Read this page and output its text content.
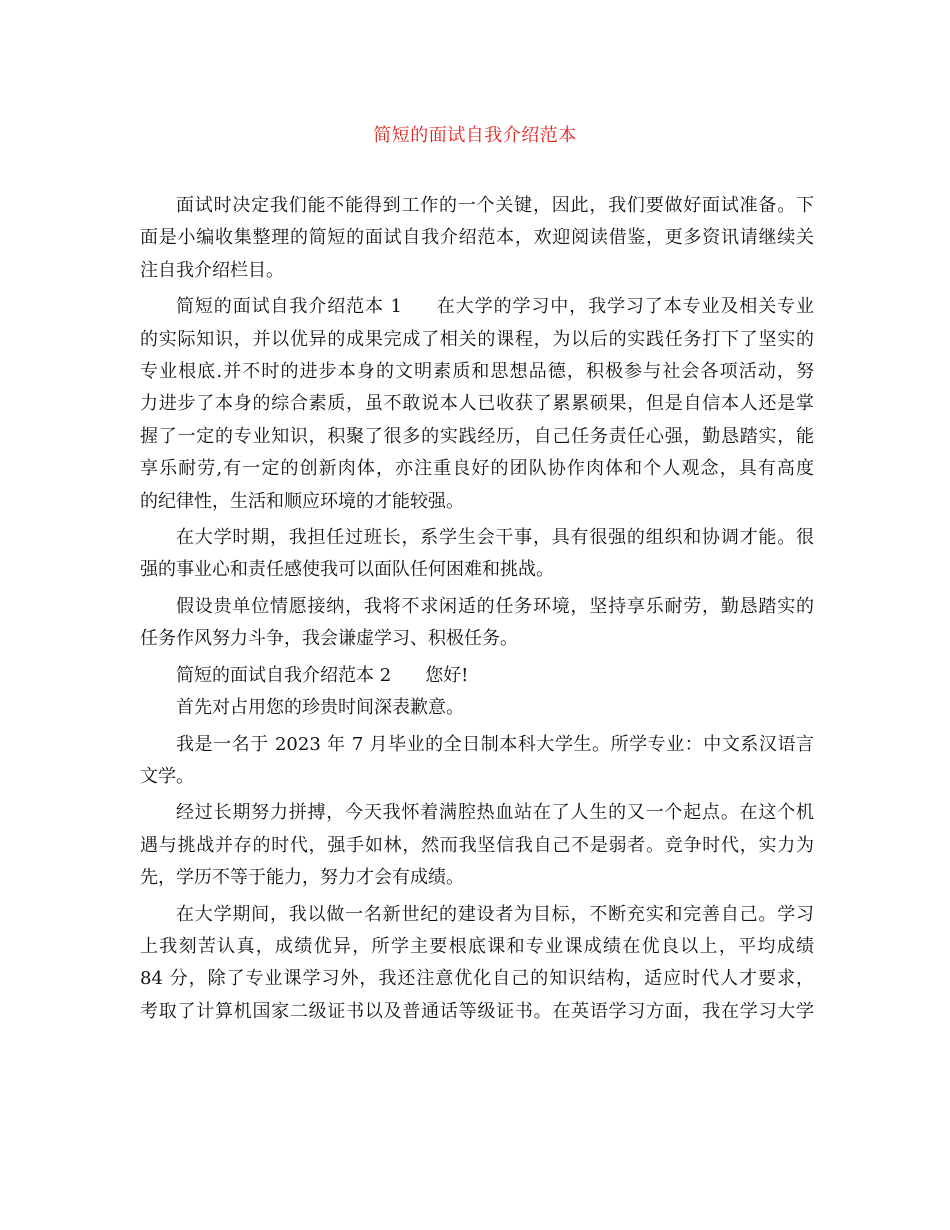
简短的面试自我介绍范本
面试时决定我们能不能得到工作的一个关键，因此，我们要做好面试准备。下
面是小编收集整理的简短的面试自我介绍范本，欢迎阅读借鉴，更多资讯请继续关
注自我介绍栏目。
简短的面试自我介绍范本 1 在大学的学习中，我学习了本专业及相关专业
的实际知识，并以优异的成果完成了相关的课程，为以后的实践任务打下了坚实的
专业根底.并不时的进步本身的文明素质和思想品德，积极参与社会各项活动，努
力进步了本身的综合素质，虽不敢说本人已收获了累累硕果，但是自信本人还是掌
握了一定的专业知识，积聚了很多的实践经历，自己任务责任心强，勤恳踏实，能
享乐耐劳,有一定的创新肉体，亦注重良好的团队协作肉体和个人观念，具有高度
的纪律性，生活和顺应环境的才能较强。
在大学时期，我担任过班长，系学生会干事，具有很强的组织和协调才能。很
强的事业心和责任感使我可以面队任何困难和挑战。
假设贵单位情愿接纳，我将不求闲适的任务环境，坚持享乐耐劳，勤恳踏实的
任务作风努力斗争，我会谦虚学习、积极任务。
简短的面试自我介绍范本 2 您好!
首先对占用您的珍贵时间深表歉意。
我是一名于 2023 年 7 月毕业的全日制本科大学生。所学专业：中文系汉语言
文学。
经过长期努力拼搏，今天我怀着满腔热血站在了人生的又一个起点。在这个机
遇与挑战并存的时代，强手如林，然而我坚信我自己不是弱者。竞争时代，实力为
先，学历不等于能力，努力才会有成绩。
在大学期间，我以做一名新世纪的建设者为目标，不断充实和完善自己。学习
上我刻苦认真，成绩优异，所学主要根底课和专业课成绩在优良以上，平均成绩
84 分，除了专业课学习外，我还注意优化自己的知识结构，适应时代人才要求，
考取了计算机国家二级证书以及普通话等级证书。在英语学习方面，我在学习大学
